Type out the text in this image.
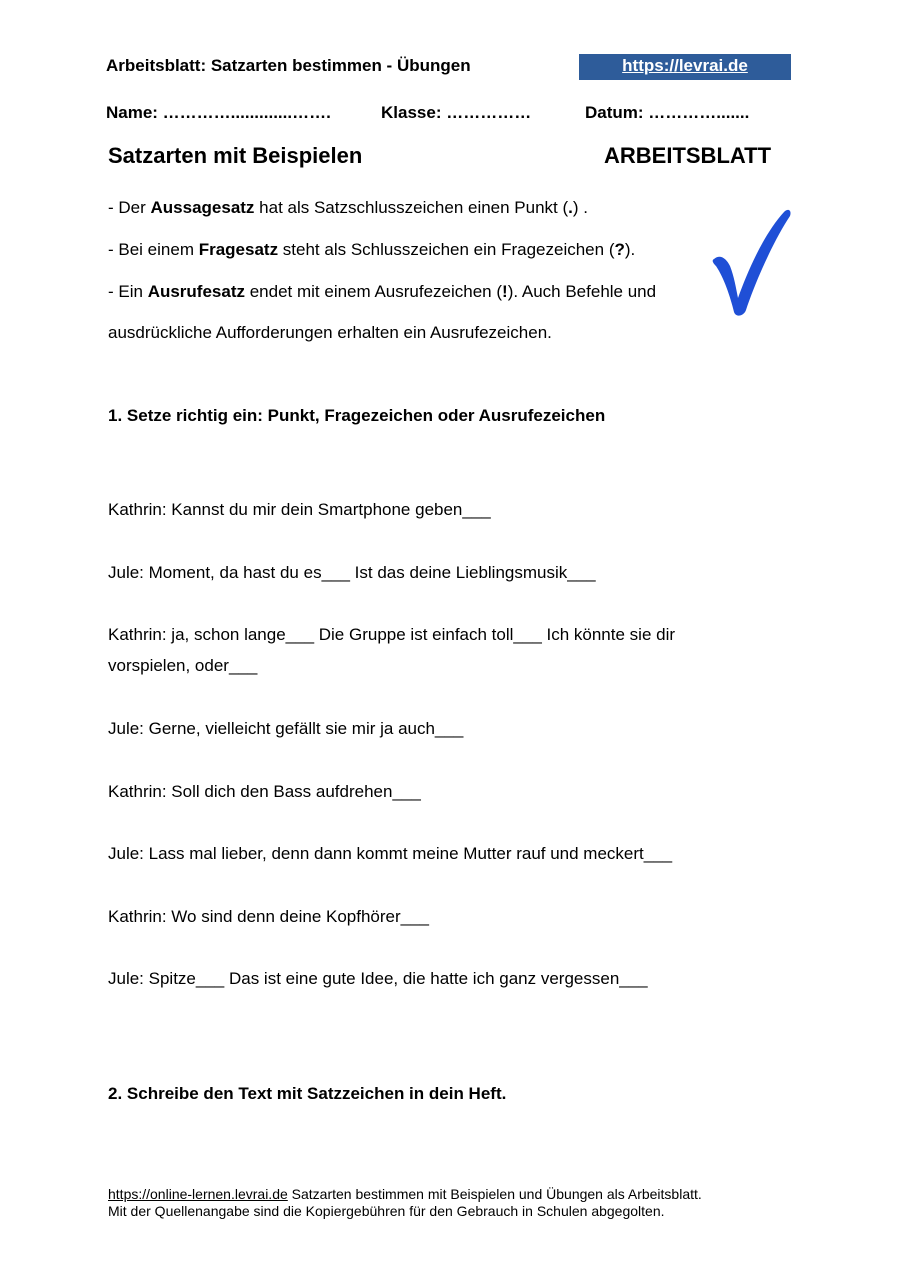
Arbeitsblatt: Satzarten bestimmen - Übungen	https://levrai.de
Name: ………….............…….	Klasse: ……………	Datum: ………….......
Satzarten mit Beispielen	ARBEITSBLATT
- Der Aussagesatz hat als Satzschlusszeichen einen Punkt (.) .
- Bei einem Fragesatz steht als Schlusszeichen ein Fragezeichen (?).
- Ein Ausrufesatz endet mit einem Ausrufezeichen (!). Auch Befehle und
ausdrückliche Aufforderungen erhalten ein Ausrufezeichen.
1. Setze richtig ein: Punkt, Fragezeichen oder Ausrufezeichen
Kathrin: Kannst du mir dein Smartphone geben___
Jule: Moment, da hast du es___ Ist das deine Lieblingsmusik___
Kathrin: ja, schon lange___ Die Gruppe ist einfach toll___ Ich könnte sie dir
vorspielen, oder___
Jule: Gerne, vielleicht gefällt sie mir ja auch___
Kathrin: Soll dich den Bass aufdrehen___
Jule: Lass mal lieber, denn dann kommt meine Mutter rauf und meckert___
Kathrin: Wo sind denn deine Kopfhörer___
Jule: Spitze___ Das ist eine gute Idee, die hatte ich ganz vergessen___
2. Schreibe den Text mit Satzzeichen in dein Heft.
https://online-lernen.levrai.de Satzarten bestimmen mit Beispielen und Übungen als Arbeitsblatt.
Mit der Quellenangabe sind die Kopiergebühren für den Gebrauch in Schulen abgegolten.
